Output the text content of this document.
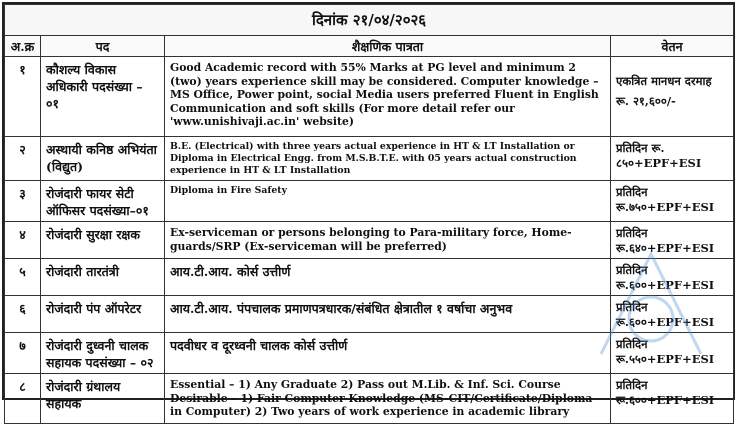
दिनांक २१/०४/२०२६			
अ.क्र	पद	शैक्षणिक पात्रता	वेतन
१	कौशल्य विकास अधिकारी पदसंख्या – ०१	Good Academic record with 55% Marks at PG level and minimum 2 (two) years experience skill may be considered. Computer knowledge – MS Office, Power point, social Media users preferred Fluent in English Communication and soft skills (For more detail refer our 'www.unishivaji.ac.in' website)	एकत्रित मानधन दरमाह रू. २१,६००/-
२	अस्थायी कनिष्ठ अभियंता (विद्युत)	B.E. (Electrical) with three years actual experience in HT & LT Installation or Diploma in Electrical Engg. from M.S.B.T.E. with 05 years actual construction experience in HT & LT Installation	प्रतिदिन रू. ८५०+EPF+ESI
३	रोजंदारी फायर सेटी ऑफिसर पदसंख्या–०१	Diploma in Fire Safety	प्रतिदिन रू.७५०+EPF+ESI
४	रोजंदारी सुरक्षा रक्षक	Ex-serviceman or persons belonging to Para-military force, Home-guards/SRP (Ex-serviceman will be preferred)	प्रतिदिन रू.६४०+EPF+ESI
५	रोजंदारी तारतंत्री	आय.टी.आय. कोर्स उत्तीर्ण	प्रतिदिन रू.६००+EPF+ESI
६	रोजंदारी पंप ऑपरेटर	आय.टी.आय. पंपचालक प्रमाणपत्रधारक/संबंधित क्षेत्रातील १ वर्षाचा अनुभव	प्रतिदिन रू.६००+EPF+ESI
७	रोजंदारी दुध्वनी चालक सहायक पदसंख्या – ०२	पदवीधर व दूरध्वनी चालक कोर्स उत्तीर्ण	प्रतिदिन रू.५५०+EPF+ESI
८	रोजंदारी ग्रंथालय सहायक	Essential – 1) Any Graduate 2) Pass out M.Lib. & Inf. Sci. Course Desirable – 1) Fair Computer Knowledge (MS-CIT/Certificate/Diploma in Computer) 2) Two years of work experience in academic library	प्रतिदिन रू.६००+EPF+ESI
